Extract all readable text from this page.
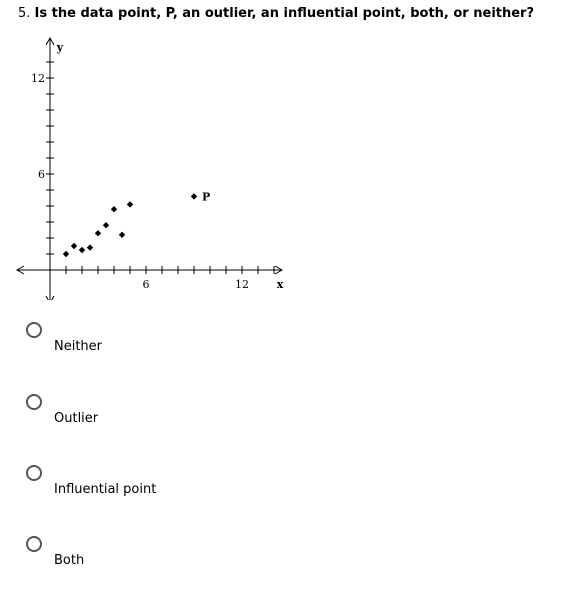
5. Is the data point, P, an outlier, an influential point, both, or neither?
6	12
6
12
x
y
P
Neither
Outlier
Influential point
Both
